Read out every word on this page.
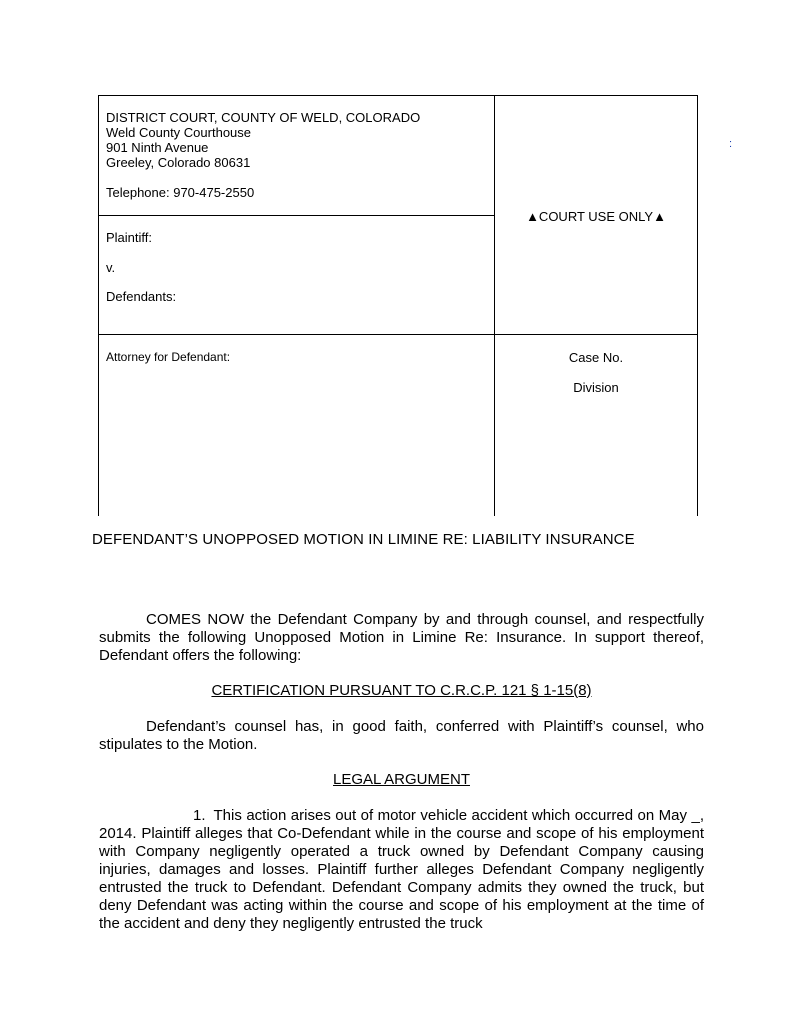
DISTRICT COURT, COUNTY OF WELD, COLORADO
Weld County Courthouse
901 Ninth Avenue
Greeley, Colorado 80631
Telephone: 970-475-2550
Plaintiff:
v.
Defendants:
▲COURT USE ONLY▲
Attorney for Defendant:	Case No.
Division
:
DEFENDANT’S UNOPPOSED MOTION IN LIMINE RE: LIABILITY INSURANCE
COMES NOW the Defendant Company by and through counsel, and respectfully submits the following Unopposed Motion in Limine Re: Insurance. In support thereof, Defendant offers the following:
CERTIFICATION PURSUANT TO C.R.C.P. 121 § 1-15(8)
Defendant’s counsel has, in good faith, conferred with Plaintiff’s counsel, who stipulates to the Motion.
LEGAL ARGUMENT
1. This action arises out of motor vehicle accident which occurred on May _, 2014. Plaintiff alleges that Co-Defendant while in the course and scope of his employment with Company negligently operated a truck owned by Defendant Company causing injuries, damages and losses. Plaintiff further alleges Defendant Company negligently entrusted the truck to Defendant. Defendant Company admits they owned the truck, but deny Defendant was acting within the course and scope of his employment at the time of the accident and deny they negligently entrusted the truck
